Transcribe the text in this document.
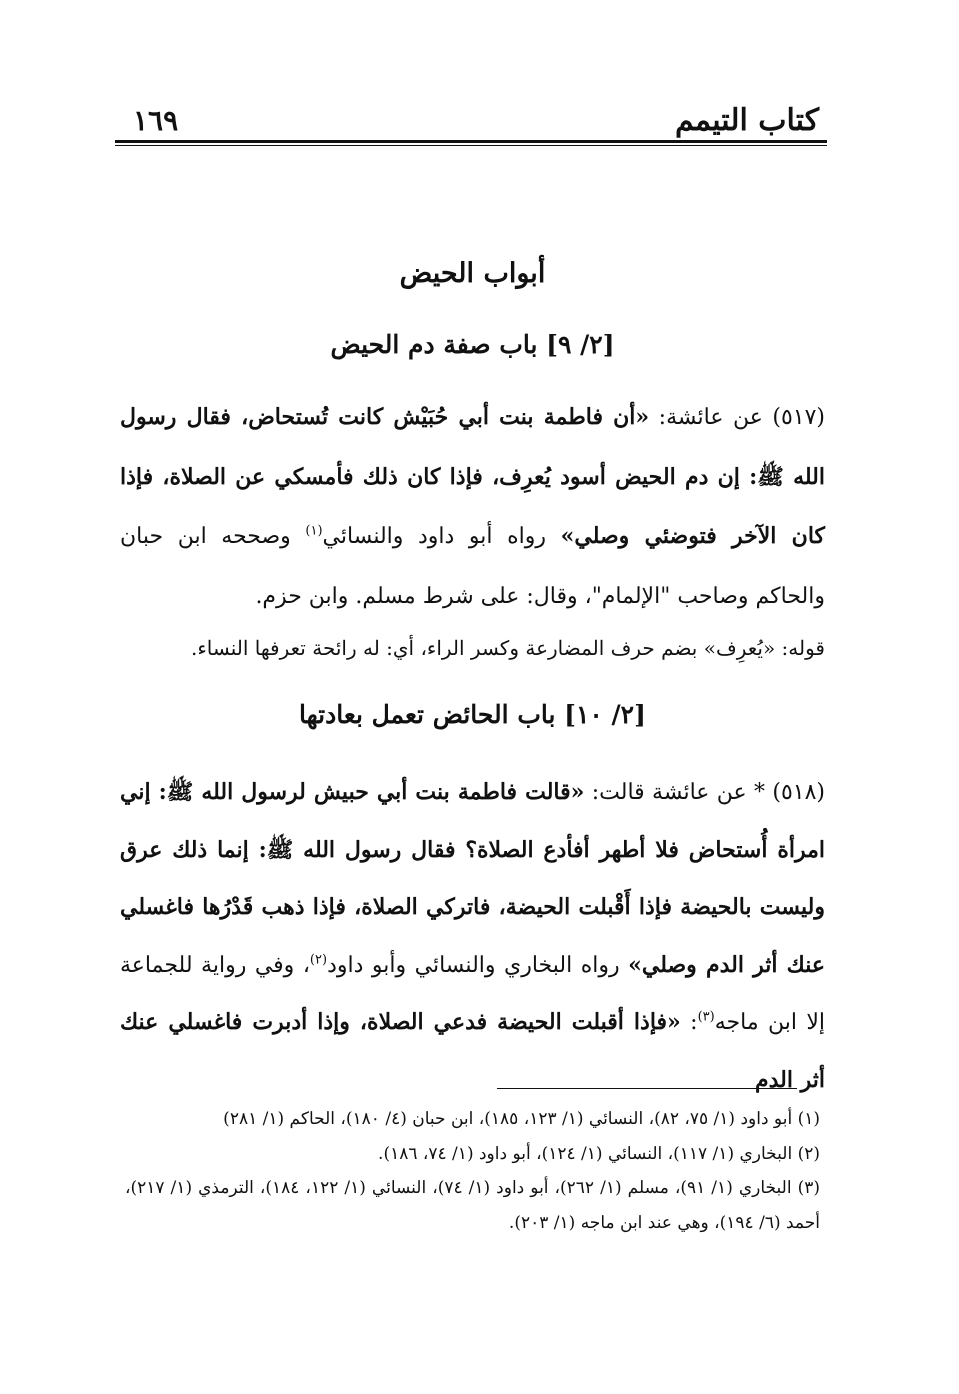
كتاب التيمم
١٦٩
أبواب الحيض
[٢/ ٩] باب صفة دم الحيض

(٥١٧) عن عائشة: «أن فاطمة بنت أبي حُبَيْش كانت تُستحاض، فقال رسول الله ﷺ: إن دم الحيض أسود يُعرِف، فإذا كان ذلك فأمسكي عن الصلاة، فإذا كان الآخر فتوضئي وصلي» رواه أبو داود والنسائي$^{(١)}$ وصححه ابن حبان والحاكم وصاحب "الإلمام"، وقال: على شرط مسلم. وابن حزم.

قوله: «يُعرِف» بضم حرف المضارعة وكسر الراء، أي: له رائحة تعرفها النساء.

[٢/ ١٠] باب الحائض تعمل بعادتها

(٥١٨) * عن عائشة قالت: «قالت فاطمة بنت أبي حبيش لرسول الله ﷺ: إني امرأة أُستحاض فلا أطهر أفأدع الصلاة؟ فقال رسول الله ﷺ: إنما ذلك عرق وليست بالحيضة فإذا أَقْبلت الحيضة، فاتركي الصلاة، فإذا ذهب قَدْرُها فاغسلي عنك أثر الدم وصلي» رواه البخاري والنسائي وأبو داود$^{(٢)}$، وفي رواية للجماعة إلا ابن ماجه$^{(٣)}$: «فإذا أقبلت الحيضة فدعي الصلاة، وإذا أدبرت فاغسلي عنك أثر الدم

(١) أبو داود (١/ ٧٥، ٨٢)، النسائي (١/ ١٢٣، ١٨٥)، ابن حبان (٤/ ١٨٠)، الحاكم (١/ ٢٨١)

(٢) البخاري (١/ ١١٧)، النسائي (١/ ١٢٤)، أبو داود (١/ ٧٤، ١٨٦).

(٣) البخاري (١/ ٩١)، مسلم (١/ ٢٦٢)، أبو داود (١/ ٧٤)، النسائي (١/ ١٢٢، ١٨٤)، الترمذي (١/ ٢١٧)، أحمد (٦/ ١٩٤)، وهي عند ابن ماجه (١/ ٢٠٣).
